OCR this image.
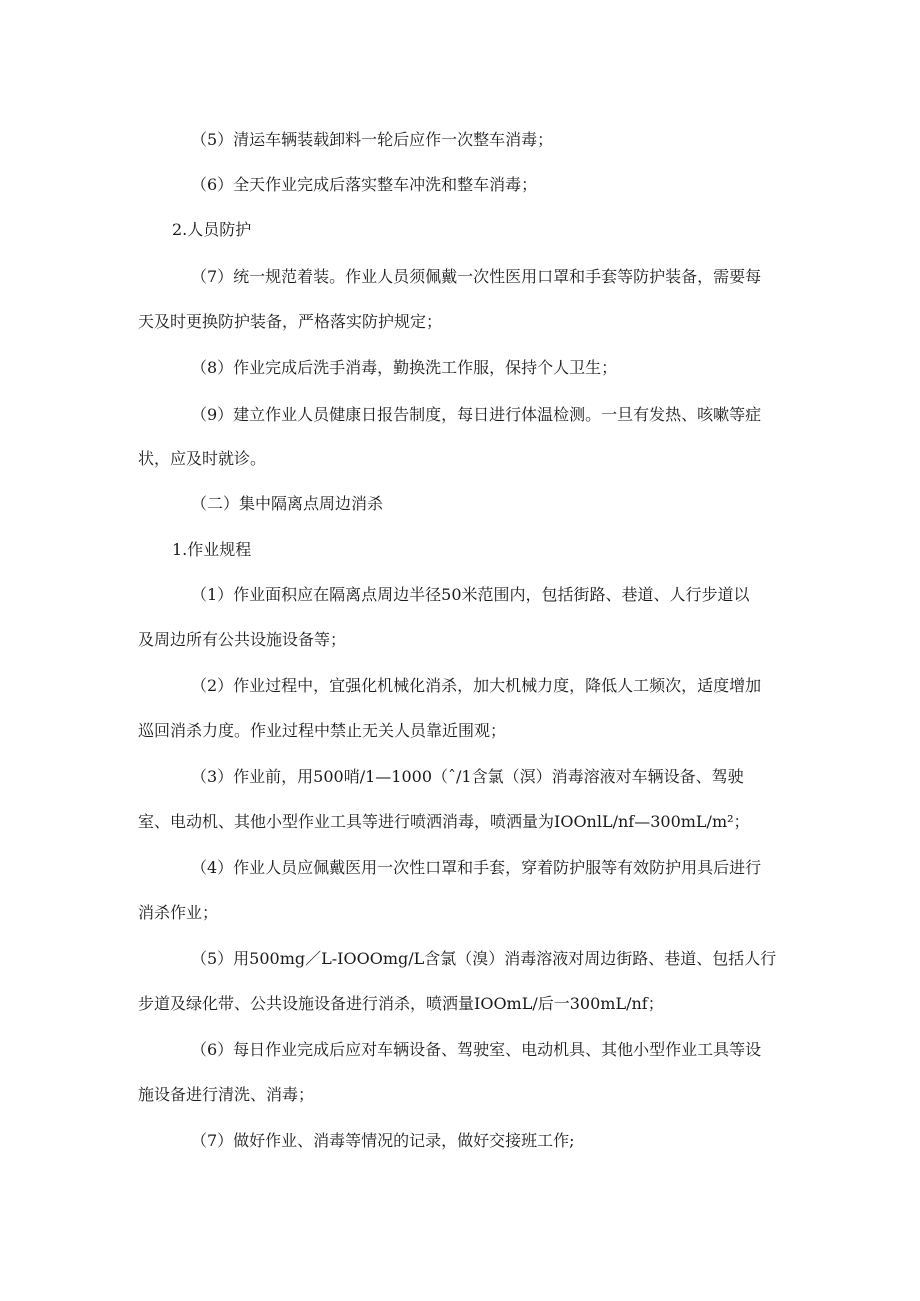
（5）清运车辆装载卸料一轮后应作一次整车消毒；
（6）全天作业完成后落实整车冲洗和整车消毒；
2.人员防护
（7）统一规范着装。作业人员须佩戴一次性医用口罩和手套等防护装备，需要每
天及时更换防护装备，严格落实防护规定；
（8）作业完成后洗手消毒，勤换洗工作服，保持个人卫生；
（9）建立作业人员健康日报告制度，每日进行体温检测。一旦有发热、咳嗽等症
状，应及时就诊。
（二）集中隔离点周边消杀
1.作业规程
（1）作业面积应在隔离点周边半径50米范围内，包括街路、巷道、人行步道以
及周边所有公共设施设备等；
（2）作业过程中，宜强化机械化消杀，加大机械力度，降低人工频次，适度增加
巡回消杀力度。作业过程中禁止无关人员靠近围观；
（3）作业前，用500哨/1—1000（ˆ/1含氯（溟）消毒溶液对车辆设备、驾驶
室、电动机、其他小型作业工具等进行喷洒消毒，喷洒量为IOOnlL/nf—300mL/m²；
（4）作业人员应佩戴医用一次性口罩和手套，穿着防护服等有效防护用具后进行
消杀作业；
（5）用500mg／L-IOOOmg/L含氯（溴）消毒溶液对周边街路、巷道、包括人行
步道及绿化带、公共设施设备进行消杀，喷洒量IOOmL/后一300mL/nf；
（6）每日作业完成后应对车辆设备、驾驶室、电动机具、其他小型作业工具等设
施设备进行清洗、消毒；
（7）做好作业、消毒等情况的记录，做好交接班工作;
